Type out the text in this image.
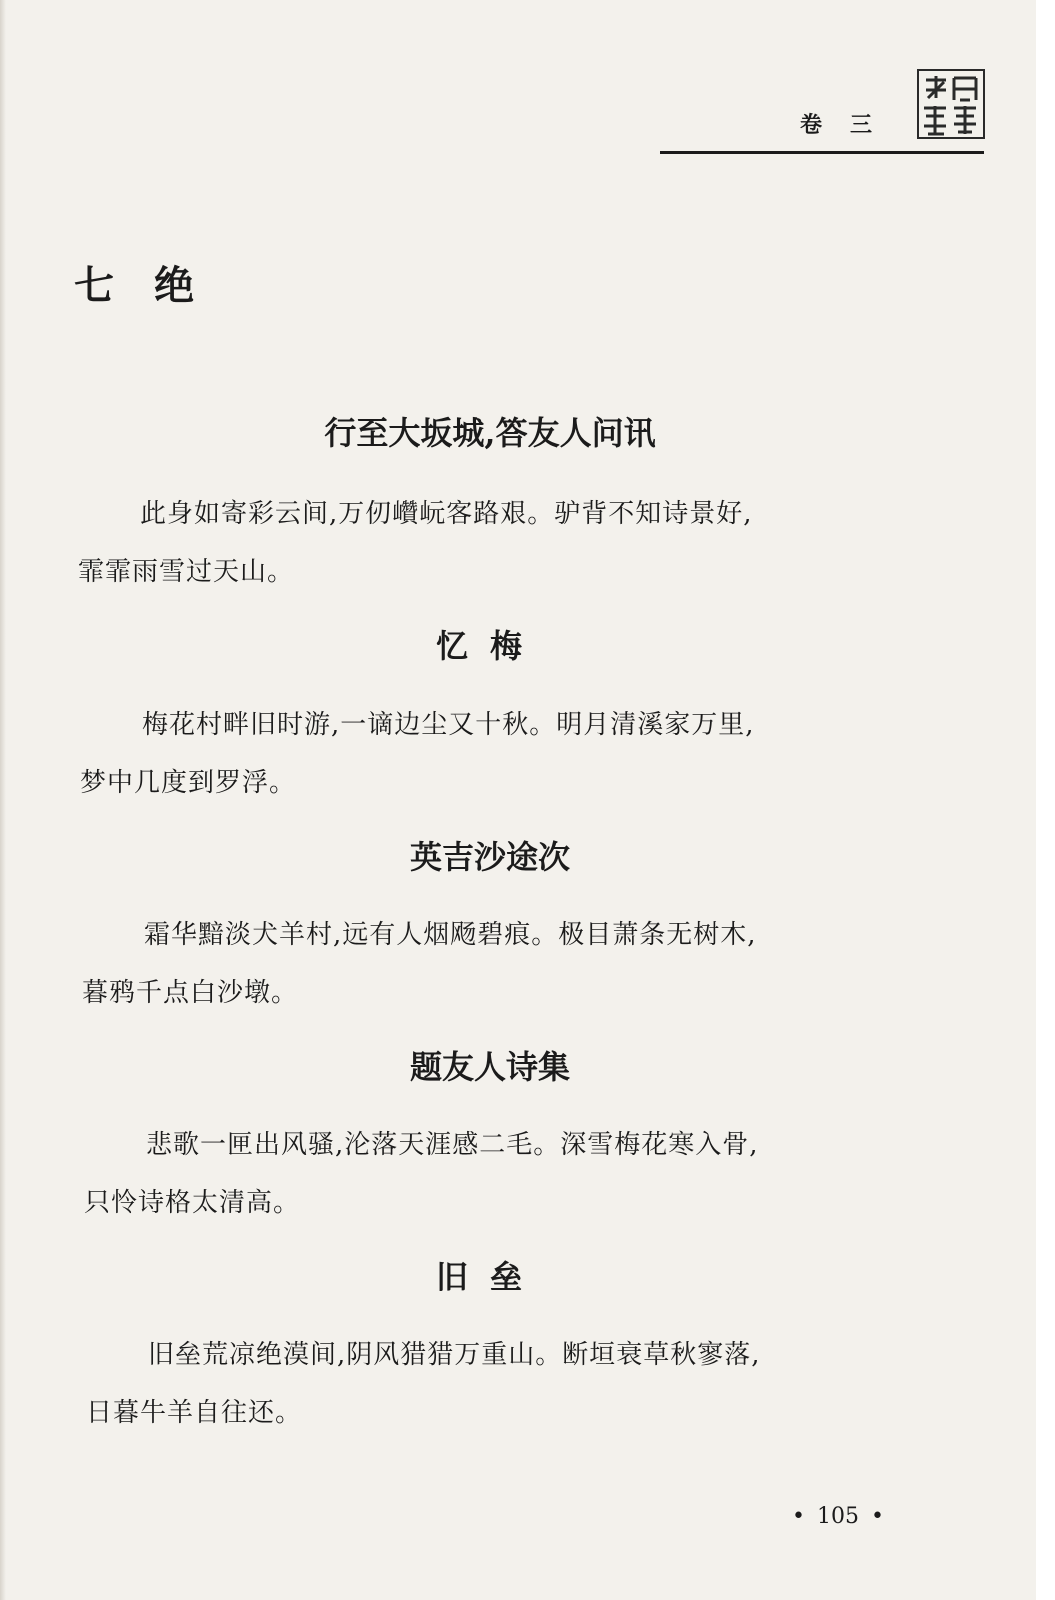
卷 三
七 绝
行至大坂城,答友人问讯
此身如寄彩云间,万仞巑岏客路艰。驴背不知诗景好,
霏霏雨雪过天山。
忆梅
梅花村畔旧时游,一谪边尘又十秋。明月清溪家万里,
梦中几度到罗浮。
英吉沙途次
霜华黯淡犬羊村,远有人烟飏碧痕。极目萧条无树木,
暮鸦千点白沙墩。
题友人诗集
悲歌一匣出风骚,沦落天涯感二毛。深雪梅花寒入骨,
只怜诗格太清高。
旧垒
旧垒荒凉绝漠间,阴风猎猎万重山。断垣衰草秋寥落,
日暮牛羊自往还。
• 105 •
